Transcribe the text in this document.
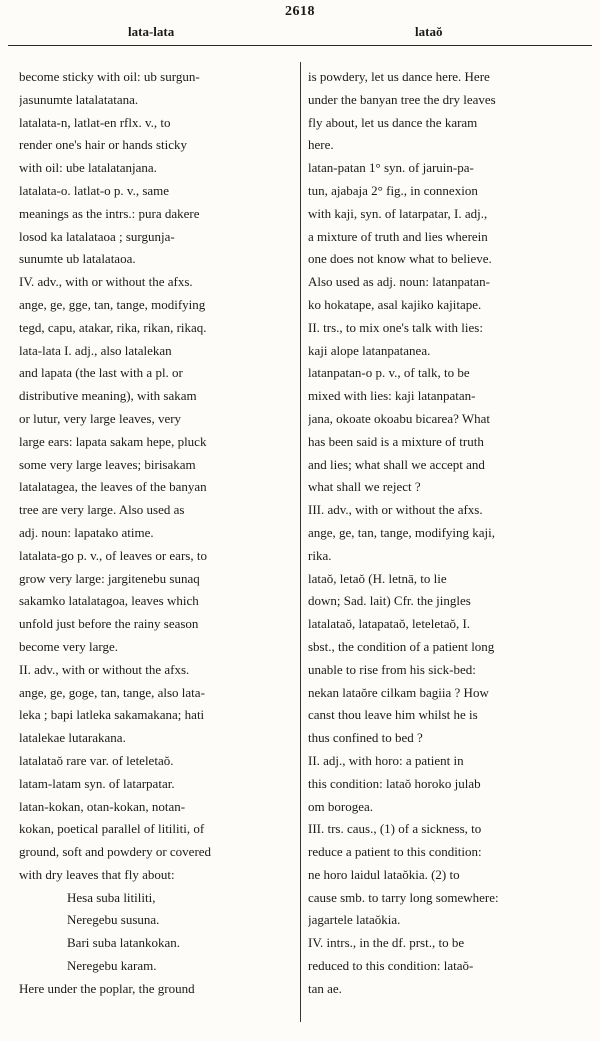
2618
lata-lata	lataŏ
become sticky with oil: ub surgun-
jasunumte latalatatana.
latalata-n, latlat-en rflx. v., to
render one's hair or hands sticky
with oil: ube latalatanjana.
latalata-o. latlat-o p. v., same
meanings as the intrs.: pura dakere
losod ka latalataoa ; surgunja-
sunumte ub latalataoa.
IV. adv., with or without the afxs.
ange, ge, gge, tan, tange, modifying
tegd, capu, atakar, rika, rikan, rikaq.
lata-lata I. adj., also latalekan
and lapata (the last with a pl. or
distributive meaning), with sakam
or lutur, very large leaves, very
large ears: lapata sakam hepe, pluck
some very large leaves; birisakam
latalatagea, the leaves of the banyan
tree are very large. Also used as
adj. noun: lapatako atime.
latalata-go p. v., of leaves or ears, to
grow very large: jargitenebu sunaq
sakamko latalatagoa, leaves which
unfold just before the rainy season
become very large.
II. adv., with or without the afxs.
ange, ge, goge, tan, tange, also lata-
leka ; bapi latleka sakamakana; hati
latalekae lutarakana.
latalataŏ rare var. of leteletaŏ.
latam-latam syn. of latarpatar.
latan-kokan, otan-kokan, notan-
kokan, poetical parallel of litiliti, of
ground, soft and powdery or covered
with dry leaves that fly about:
Hesa suba litiliti,
Neregebu susuna.
Bari suba latankokan.
Neregebu karam.
Here under the poplar, the ground
is powdery, let us dance here. Here
under the banyan tree the dry leaves
fly about, let us dance the karam
here.
latan-patan 1° syn. of jaruin-pa-
tun, ajabaja 2° fig., in connexion
with kaji, syn. of latarpatar, I. adj.,
a mixture of truth and lies wherein
one does not know what to believe.
Also used as adj. noun: latanpatan-
ko hokatape, asal kajiko kajitape.
II. trs., to mix one's talk with lies:
kaji alope latanpatanea.
latanpatan-o p. v., of talk, to be
mixed with lies: kaji latanpatan-
jana, okoate okoabu bicarea? What
has been said is a mixture of truth
and lies; what shall we accept and
what shall we reject ?
III. adv., with or without the afxs.
ange, ge, tan, tange, modifying kaji,
rika.
lataŏ, letaŏ (H. letnā, to lie
down; Sad. lait) Cfr. the jingles
latalataŏ, latapataŏ, leteletaŏ, I.
sbst., the condition of a patient long
unable to rise from his sick-bed:
nekan lataŏre cilkam bagiia ? How
canst thou leave him whilst he is
thus confined to bed ?
II. adj., with horo: a patient in
this condition: lataŏ horoko julab
om borogea.
III. trs. caus., (1) of a sickness, to
reduce a patient to this condition:
ne horo laidul lataŏkia. (2) to
cause smb. to tarry long somewhere:
jagartele lataŏkia.
IV. intrs., in the df. prst., to be
reduced to this condition: lataŏ-
tan ae.
